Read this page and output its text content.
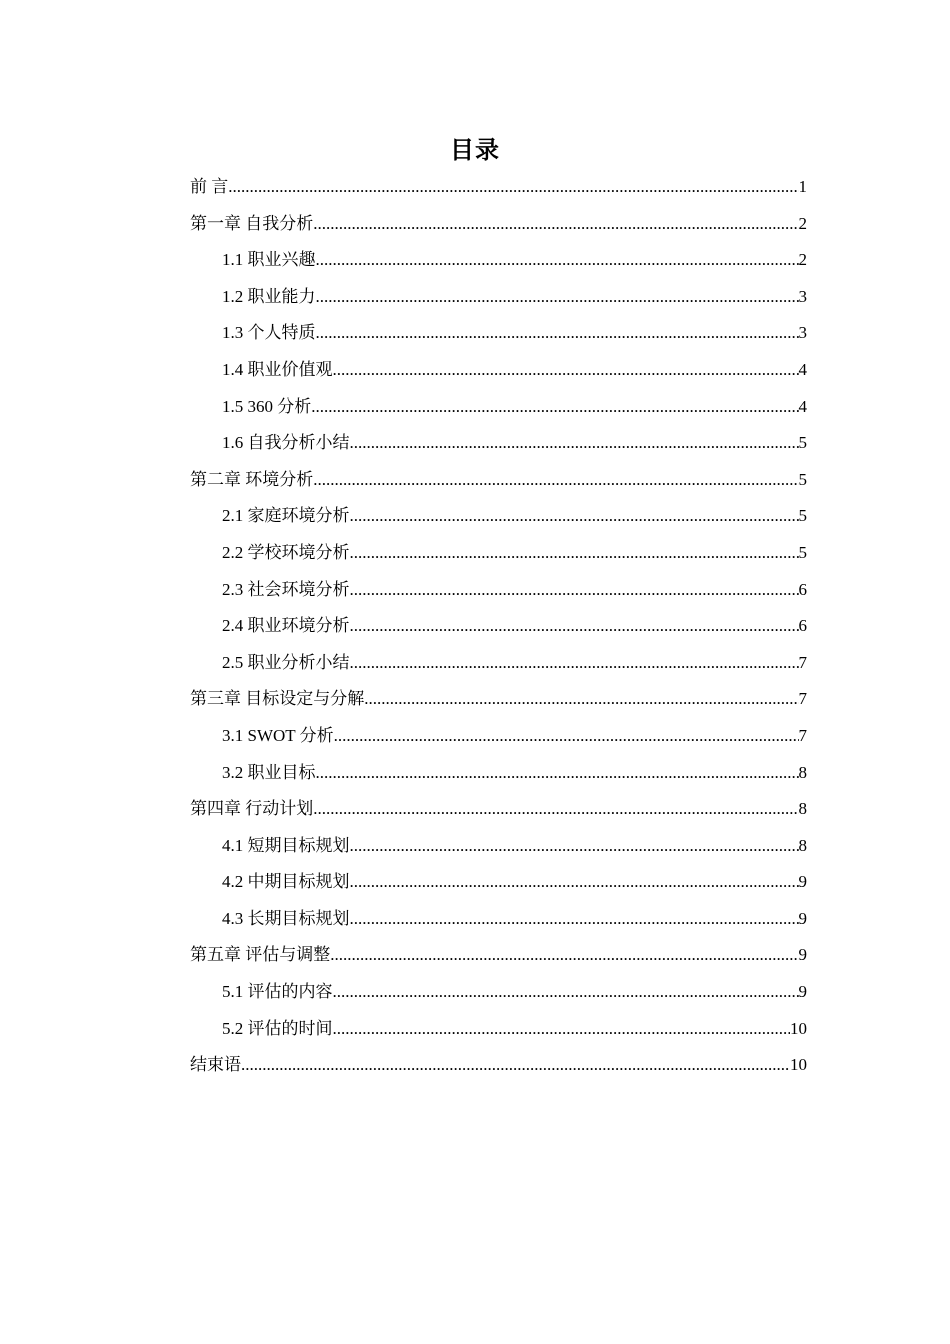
目录
前 言 .....	1
第一章 自我分析 .....	2
1.1 职业兴趣 .....	2
1.2 职业能力 .....	3
1.3 个人特质 .....	3
1.4 职业价值观 .....	4
1.5 360 分析 .....	4
1.6 自我分析小结 .....	5
第二章 环境分析 .....	5
2.1 家庭环境分析 .....	5
2.2 学校环境分析 .....	5
2.3 社会环境分析 .....	6
2.4 职业环境分析 .....	6
2.5 职业分析小结 .....	7
第三章 目标设定与分解 .....	7
3.1 SWOT 分析 .....	7
3.2 职业目标 .....	8
第四章 行动计划 .....	8
4.1 短期目标规划 .....	8
4.2 中期目标规划 .....	9
4.3 长期目标规划 .....	9
第五章 评估与调整 .....	9
5.1 评估的内容 .....	9
5.2 评估的时间 .....	10
结束语 .....	10
